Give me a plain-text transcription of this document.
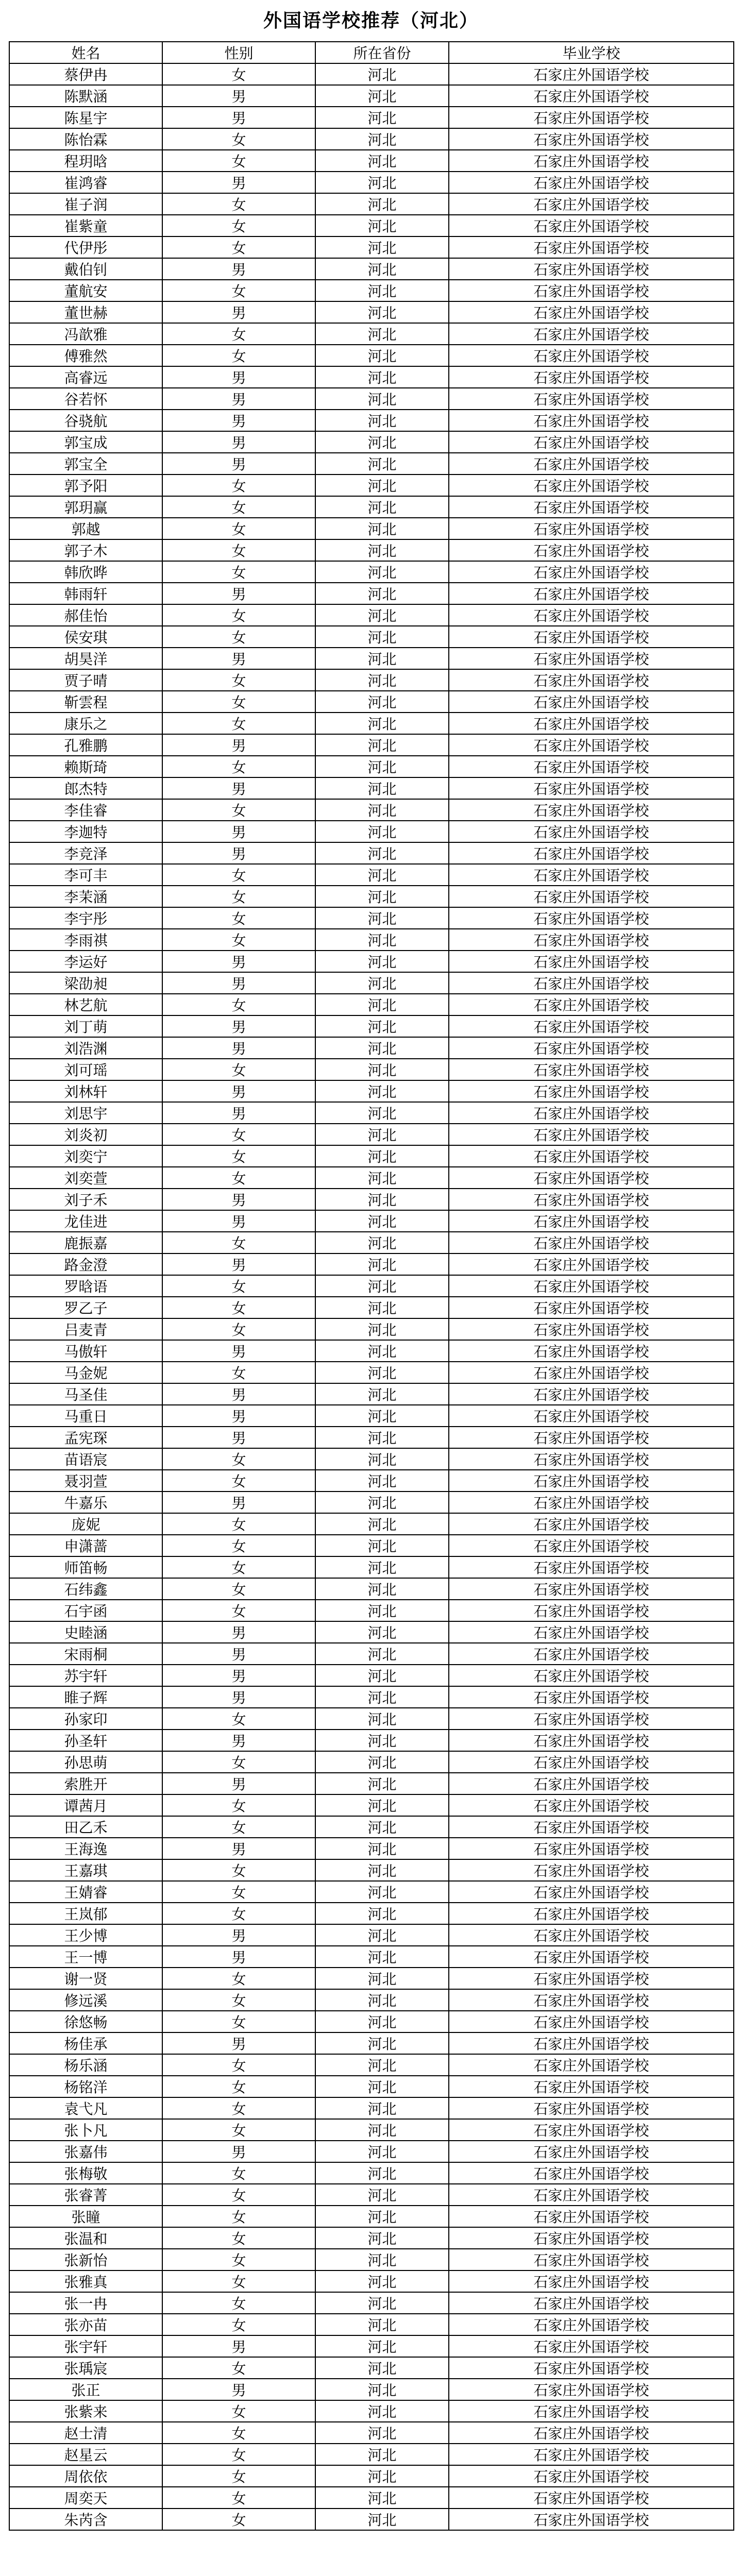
外国语学校推荐（河北）
姓名	性别	所在省份	毕业学校
蔡伊冉	女	河北	石家庄外国语学校
陈默涵	男	河北	石家庄外国语学校
陈星宇	男	河北	石家庄外国语学校
陈怡霖	女	河北	石家庄外国语学校
程玥晗	女	河北	石家庄外国语学校
崔鸿睿	男	河北	石家庄外国语学校
崔子润	女	河北	石家庄外国语学校
崔紫童	女	河北	石家庄外国语学校
代伊彤	女	河北	石家庄外国语学校
戴伯钊	男	河北	石家庄外国语学校
董航安	女	河北	石家庄外国语学校
董世赫	男	河北	石家庄外国语学校
冯歆雅	女	河北	石家庄外国语学校
傅雅然	女	河北	石家庄外国语学校
高睿远	男	河北	石家庄外国语学校
谷若怀	男	河北	石家庄外国语学校
谷骁航	男	河北	石家庄外国语学校
郭宝成	男	河北	石家庄外国语学校
郭宝全	男	河北	石家庄外国语学校
郭予阳	女	河北	石家庄外国语学校
郭玥赢	女	河北	石家庄外国语学校
郭越	女	河北	石家庄外国语学校
郭子木	女	河北	石家庄外国语学校
韩欣晔	女	河北	石家庄外国语学校
韩雨轩	男	河北	石家庄外国语学校
郝佳怡	女	河北	石家庄外国语学校
侯安琪	女	河北	石家庄外国语学校
胡昊洋	男	河北	石家庄外国语学校
贾子晴	女	河北	石家庄外国语学校
靳雲程	女	河北	石家庄外国语学校
康乐之	女	河北	石家庄外国语学校
孔雅鹏	男	河北	石家庄外国语学校
赖斯琦	女	河北	石家庄外国语学校
郎杰特	男	河北	石家庄外国语学校
李佳睿	女	河北	石家庄外国语学校
李迦特	男	河北	石家庄外国语学校
李竞泽	男	河北	石家庄外国语学校
李可丰	女	河北	石家庄外国语学校
李茉涵	女	河北	石家庄外国语学校
李宇彤	女	河北	石家庄外国语学校
李雨祺	女	河北	石家庄外国语学校
李运好	男	河北	石家庄外国语学校
梁劭昶	男	河北	石家庄外国语学校
林艺航	女	河北	石家庄外国语学校
刘丁萌	男	河北	石家庄外国语学校
刘浩渊	男	河北	石家庄外国语学校
刘可瑶	女	河北	石家庄外国语学校
刘林轩	男	河北	石家庄外国语学校
刘思宇	男	河北	石家庄外国语学校
刘炎初	女	河北	石家庄外国语学校
刘奕宁	女	河北	石家庄外国语学校
刘奕萱	女	河北	石家庄外国语学校
刘子禾	男	河北	石家庄外国语学校
龙佳进	男	河北	石家庄外国语学校
鹿振嘉	女	河北	石家庄外国语学校
路金澄	男	河北	石家庄外国语学校
罗晗语	女	河北	石家庄外国语学校
罗乙子	女	河北	石家庄外国语学校
吕麦青	女	河北	石家庄外国语学校
马傲轩	男	河北	石家庄外国语学校
马金妮	女	河北	石家庄外国语学校
马圣佳	男	河北	石家庄外国语学校
马重日	男	河北	石家庄外国语学校
孟宪琛	男	河北	石家庄外国语学校
苗语宸	女	河北	石家庄外国语学校
聂羽萱	女	河北	石家庄外国语学校
牛嘉乐	男	河北	石家庄外国语学校
庞妮	女	河北	石家庄外国语学校
申潇蔷	女	河北	石家庄外国语学校
师笛畅	女	河北	石家庄外国语学校
石纬鑫	女	河北	石家庄外国语学校
石宇函	女	河北	石家庄外国语学校
史睦涵	男	河北	石家庄外国语学校
宋雨桐	男	河北	石家庄外国语学校
苏宇轩	男	河北	石家庄外国语学校
睢子辉	男	河北	石家庄外国语学校
孙家印	女	河北	石家庄外国语学校
孙圣轩	男	河北	石家庄外国语学校
孙思萌	女	河北	石家庄外国语学校
索胜开	男	河北	石家庄外国语学校
谭茜月	女	河北	石家庄外国语学校
田乙禾	女	河北	石家庄外国语学校
王海逸	男	河北	石家庄外国语学校
王嘉琪	女	河北	石家庄外国语学校
王婧睿	女	河北	石家庄外国语学校
王岚郁	女	河北	石家庄外国语学校
王少博	男	河北	石家庄外国语学校
王一博	男	河北	石家庄外国语学校
谢一贤	女	河北	石家庄外国语学校
修远溪	女	河北	石家庄外国语学校
徐悠畅	女	河北	石家庄外国语学校
杨佳承	男	河北	石家庄外国语学校
杨乐涵	女	河北	石家庄外国语学校
杨铭洋	女	河北	石家庄外国语学校
袁弋凡	女	河北	石家庄外国语学校
张卜凡	女	河北	石家庄外国语学校
张嘉伟	男	河北	石家庄外国语学校
张梅敬	女	河北	石家庄外国语学校
张睿菁	女	河北	石家庄外国语学校
张瞳	女	河北	石家庄外国语学校
张温和	女	河北	石家庄外国语学校
张新怡	女	河北	石家庄外国语学校
张雅真	女	河北	石家庄外国语学校
张一冉	女	河北	石家庄外国语学校
张亦苗	女	河北	石家庄外国语学校
张宇轩	男	河北	石家庄外国语学校
张瑀宸	女	河北	石家庄外国语学校
张正	男	河北	石家庄外国语学校
张紫来	女	河北	石家庄外国语学校
赵士清	女	河北	石家庄外国语学校
赵星云	女	河北	石家庄外国语学校
周依依	女	河北	石家庄外国语学校
周奕天	女	河北	石家庄外国语学校
朱芮含	女	河北	石家庄外国语学校
